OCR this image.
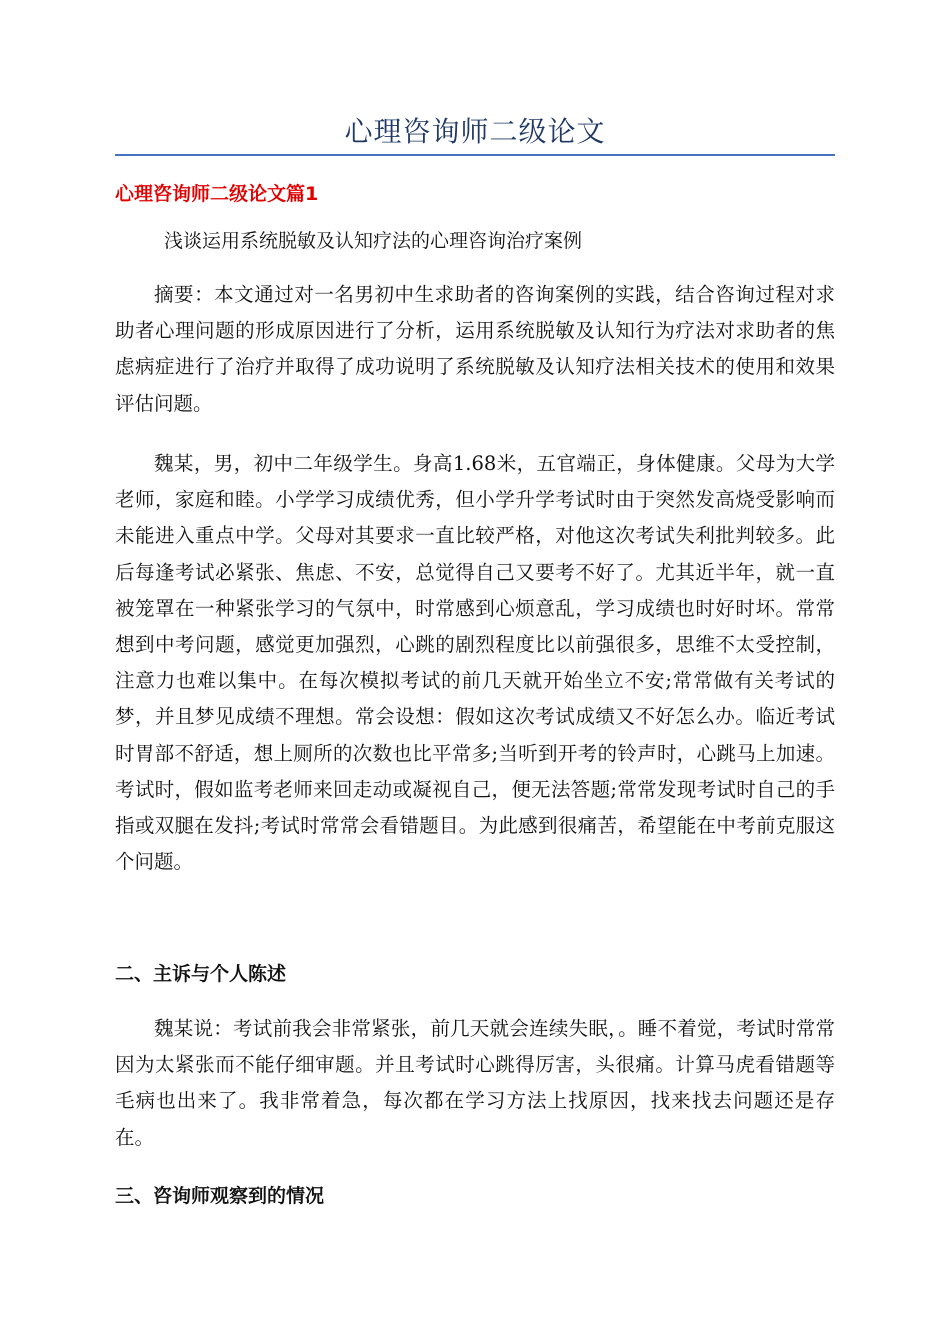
心理咨询师二级论文
心理咨询师二级论文篇1
浅谈运用系统脱敏及认知疗法的心理咨询治疗案例

摘要：本文通过对一名男初中生求助者的咨询案例的实践，结合咨询过程对求助者心理问题的形成原因进行了分析，运用系统脱敏及认知行为疗法对求助者的焦虑病症进行了治疗并取得了成功说明了系统脱敏及认知疗法相关技术的使用和效果评估问题。

魏某，男，初中二年级学生。身高1.68米，五官端正，身体健康。父母为大学老师，家庭和睦。小学学习成绩优秀，但小学升学考试时由于突然发高烧受影响而未能进入重点中学。父母对其要求一直比较严格，对他这次考试失利批判较多。此后每逢考试必紧张、焦虑、不安，总觉得自己又要考不好了。尤其近半年，就一直被笼罩在一种紧张学习的气氛中，时常感到心烦意乱，学习成绩也时好时坏。常常想到中考问题，感觉更加强烈，心跳的剧烈程度比以前强很多，思维不太受控制，注意力也难以集中。在每次模拟考试的前几天就开始坐立不安;常常做有关考试的梦，并且梦见成绩不理想。常会设想：假如这次考试成绩又不好怎么办。临近考试时胃部不舒适，想上厕所的次数也比平常多;当听到开考的铃声时，心跳马上加速。考试时，假如监考老师来回走动或凝视自己，便无法答题;常常发现考试时自己的手指或双腿在发抖;考试时常常会看错题目。为此感到很痛苦，希望能在中考前克服这个问题。

二、主诉与个人陈述

魏某说：考试前我会非常紧张，前几天就会连续失眠，。睡不着觉，考试时常常因为太紧张而不能仔细审题。并且考试时心跳得厉害，头很痛。计算马虎看错题等毛病也出来了。我非常着急，每次都在学习方法上找原因，找来找去问题还是存在。

三、咨询师观察到的情况
